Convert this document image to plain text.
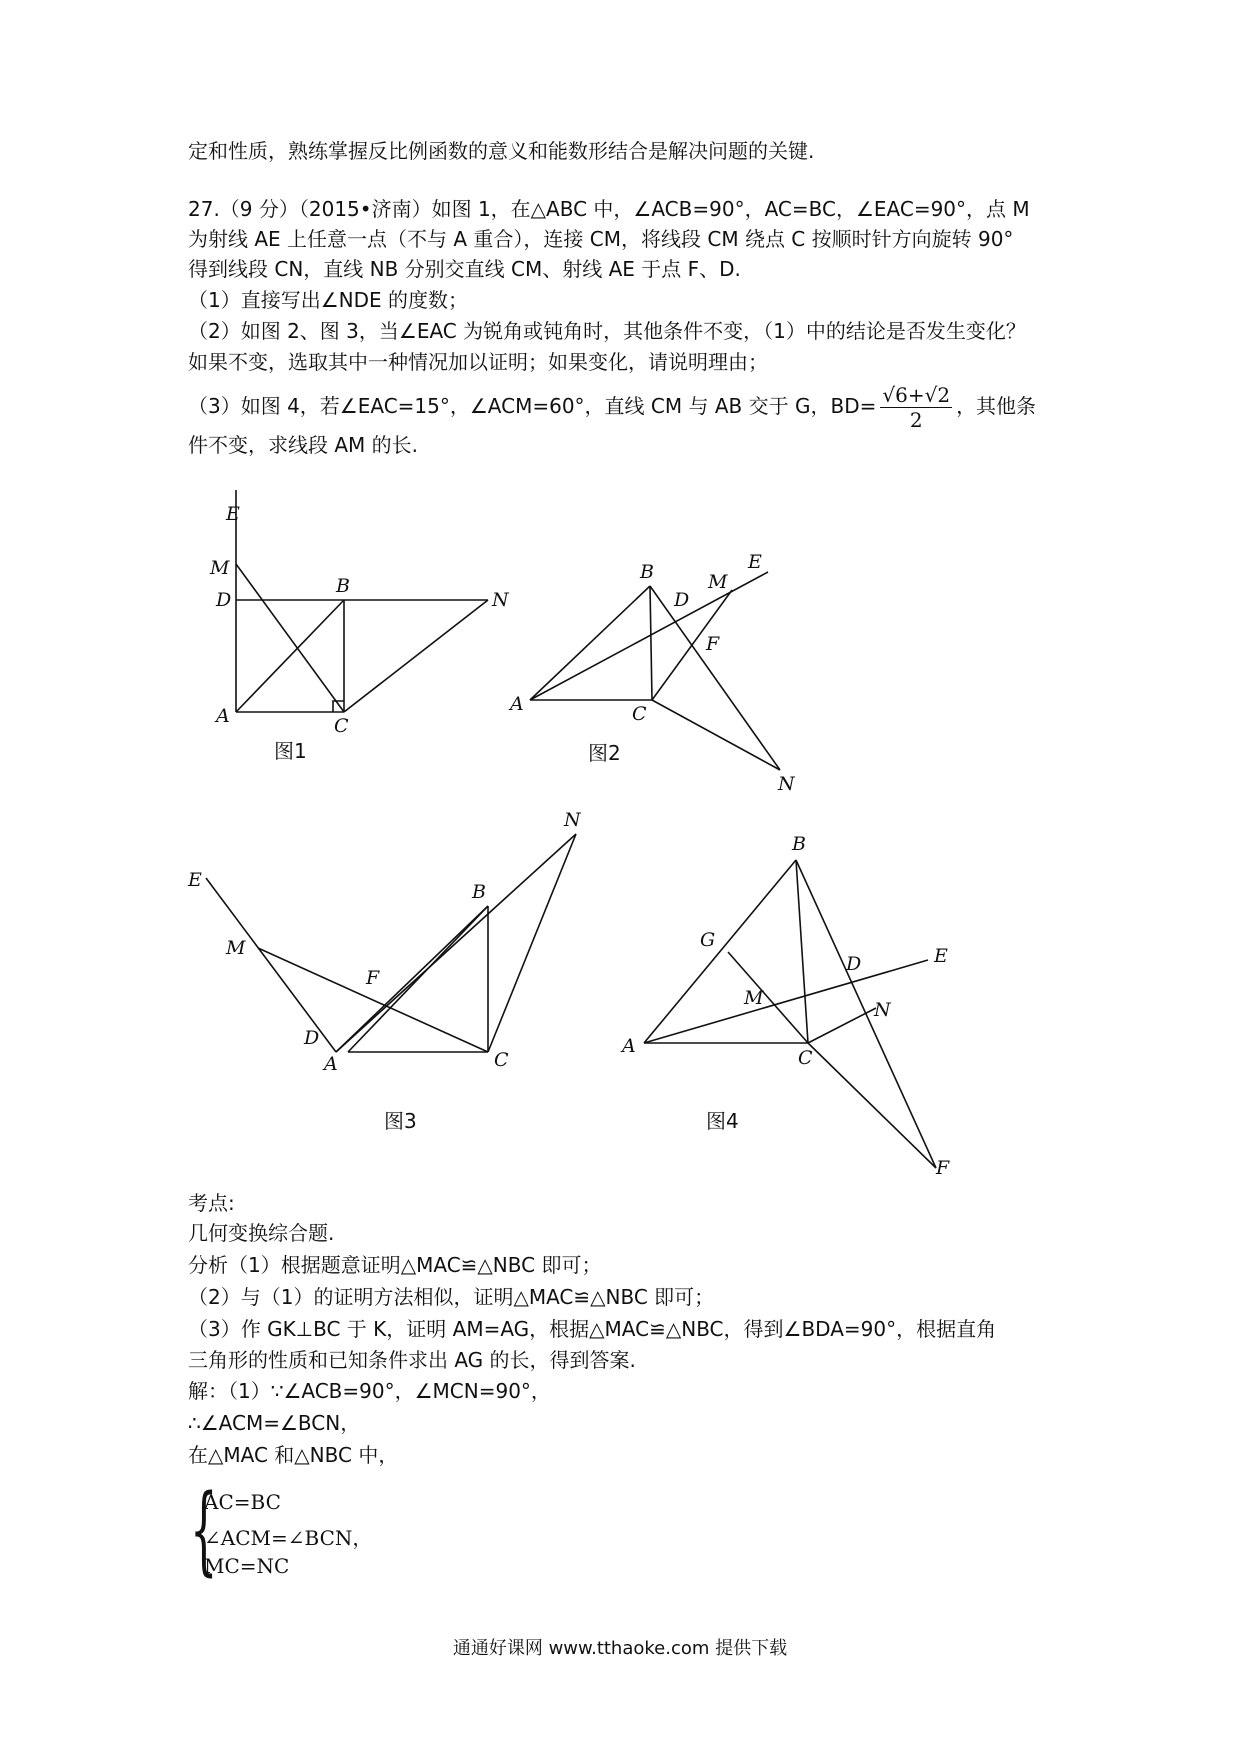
定和性质，熟练掌握反比例函数的意义和能数形结合是解决问题的关键.
27.（9 分）（2015•济南）如图 1，在△ABC 中，∠ACB=90°，AC=BC，∠EAC=90°，点 M
为射线 AE 上任意一点（不与 A 重合），连接 CM，将线段 CM 绕点 C 按顺时针方向旋转 90°
得到线段 CN，直线 NB 分别交直线 CM、射线 AE 于点 F、D.
（1）直接写出∠NDE 的度数；
（2）如图 2、图 3，当∠EAC 为锐角或钝角时，其他条件不变，（1）中的结论是否发生变化？
如果不变，选取其中一种情况加以证明；如果变化，请说明理由；
（3）如图 4，若∠EAC=15°，∠ACM=60°，直线 CM 与 AB 交于 G，$BD= \frac{√6+√2}{2}$ ，其他条
件不变，求线段 AM 的长.
E
M
D
B
N
A	C
图1
B	M
E
D
F
A	C
N
图2
N
E
B
M
F
D
A	C
图3
B
G
D	E
M
N
A
C
F
图4
考点:
几何变换综合题.
分析（1）根据题意证明△MAC≌△NBC 即可；
（2）与（1）的证明方法相似，证明△MAC≌△NBC 即可；
（3）作 GK⊥BC 于 K，证明 AM=AG，根据△MAC≌△NBC，得到∠BDA=90°，根据直角
三角形的性质和已知条件求出 AG 的长，得到答案.
解：（1）∵∠ACB=90°，∠MCN=90°，
∴∠ACM=∠BCN，
在△MAC 和△NBC 中，
{
AC=BC
∠ACM=∠BCN，
MC=NC
通通好课网 www.tthaoke.com 提供下载
